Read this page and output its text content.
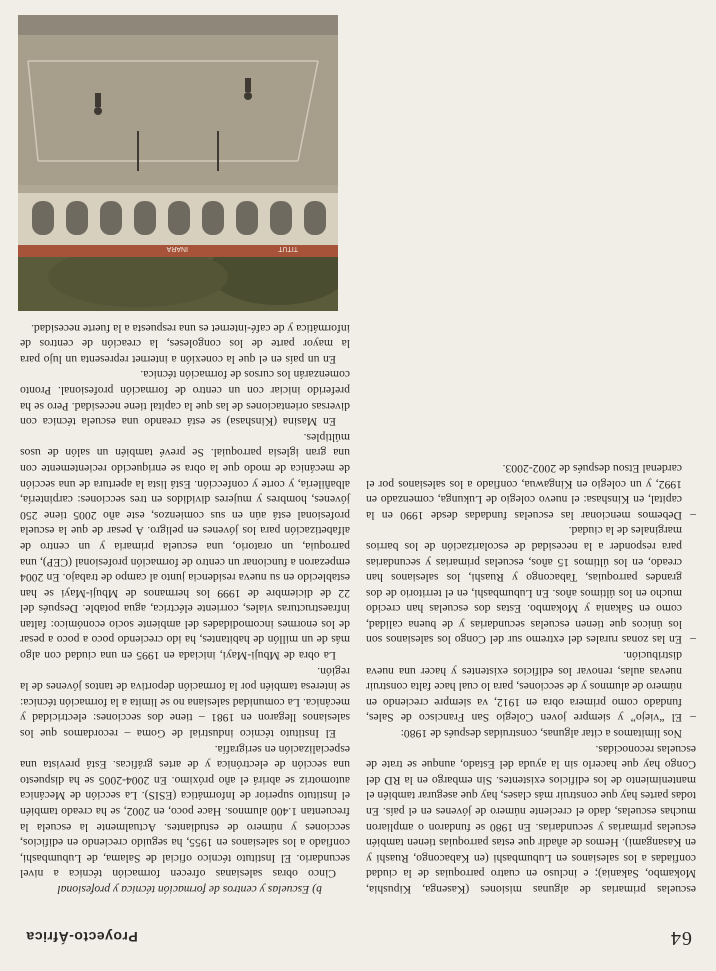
64
Proyecto-África

escuelas primarias de algunas misiones (Kasenga, Kipushia, Mokambo, Sakania); e incluso en cuatro parroquias de la ciudad confiadas a los salesianos en Lubumbashi (en Kabacongo, Ruashi y en Kasangami). Hemos de añadir que estas parroquias tienen también escuelas primarias y secundarias. En 1980 se fundaron o ampliaron muchas escuelas, dado el creciente número de jóvenes en el país. En todas partes hay que construir más clases, hay que asegurar también el mantenimiento de los edificios existentes. Sin embargo en la RD del Congo hay que hacerlo sin la ayuda del Estado, aunque se trate de escuelas reconocidas.

Nos limitamos a citar algunas, construidas después de 1980:

– El “viejo” y siempre joven Colegio San Francisco de Sales, fundado como primera obra en 1912, va siempre creciendo en número de alumnos y de secciones, para lo cual hace falta construir nuevas aulas, renovar los edificios existentes y hacer una nueva distribución.
– En las zonas rurales del extremo sur del Congo los salesianos son los únicos que tienen escuelas secundarias y de buena calidad, como en Sakania y Mokambo. Estas dos escuelas han crecido mucho en los últimos años. En Lubumbashi, en el territorio de dos grandes parroquias, Tabacongo y Ruashi, los salesianos han creado, en los últimos 15 años, escuelas primarias y secundarias para responder a la necesidad de escolarización de los barrios marginales de la ciudad.
– Debemos mencionar las escuelas fundadas desde 1990 en la capital, en Kinshasa: el nuevo colegio de Lukunga, comenzado en 1992, y un colegio en Kingawua, confiado a los salesianos por el cardenal Etsou después de 2002-2003.

b) Escuelas y centros de formación técnica y profesional

Cinco obras salesianas ofrecen formación técnica a nivel secundario. El Instituto técnico oficial de Salama, de Lubumbashi, confiado a los salesianos en 1955, ha seguido creciendo en edificios, secciones y número de estudiantes. Actualmente la escuela la frecuentan 1.400 alumnos. Hace poco, en 2002, se ha creado también el Instituto superior de Informática (ESIS). La sección de Mecánica automotriz se abrirá el año próximo. En 2004-2005 se ha dispuesto una sección de electrónica y de artes gráficas. Está prevista una especialización en serigrafía.

El Instituto técnico industrial de Goma – recordamos que los salesianos llegaron en 1981 – tiene dos secciones: electricidad y mecánica. La comunidad salesiana no se limita a la formación técnica: se interesa también por la formación deportiva de tantos jóvenes de la región.

La obra de Mbuji-Mayi, iniciada en 1995 en una ciudad con algo más de un millón de habitantes, ha ido creciendo poco a poco a pesar de los enormes incomodidades del ambiente socio económico: faltan infraestructuras viales, corriente eléctrica, agua potable. Después del 22 de diciembre de 1999 los hermanos de Mbuji-Mayi se han establecido en su nueva residencia junto al campo de trabajo. En 2004 empezaron a funcionar un centro de formación profesional (CEP), una parroquia, un oratorio, una escuela primaria y un centro de alfabetización para los jóvenes en peligro. A pesar de que la escuela profesional está aún en sus comienzos, este año 2005 tiene 250 jóvenes, hombres y mujeres divididos en tres secciones: carpintería, albañilería, y corte y confección. Está lista la apertura de una sección de mecánica de modo que la obra se enriquecido recientemente con una gran iglesia parroquial. Se prevé también un salón de usos múltiples.

En Masina (Kinshasa) se está creando una escuela técnica con diversas orientaciones de las que la capital tiene necesidad. Pero se ha preferido iniciar con un centro de formación profesional. Pronto comenzarán los cursos de formación técnica.

En un país en el que la conexión a internet representa un lujo para la mayor parte de los congoleses, la creación de centros de informática y de café-internet es una respuesta a la fuerte necesidad.

INARA	TITUT
